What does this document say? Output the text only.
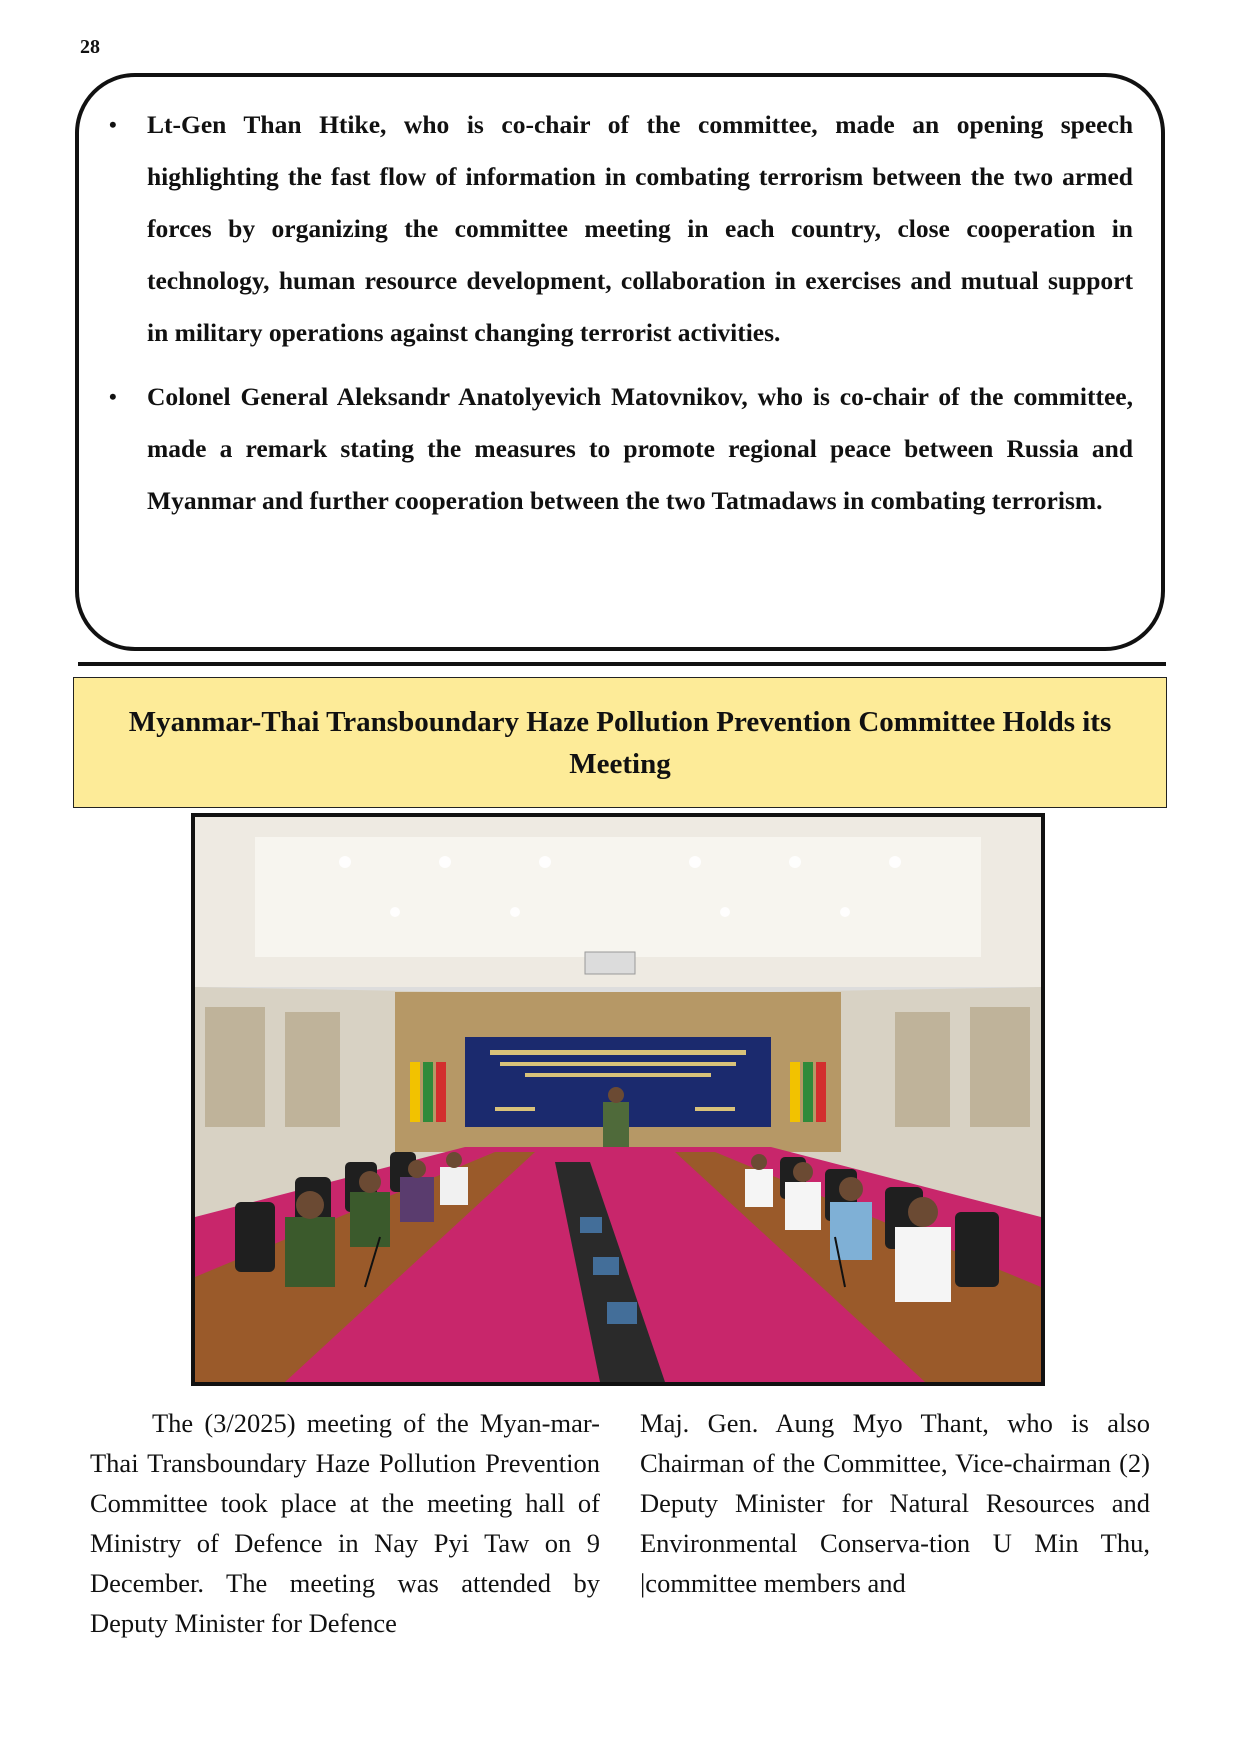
28
• Lt-Gen Than Htike, who is co-chair of the committee, made an opening speech highlighting the fast flow of information in combating terrorism between the two armed forces by organizing the committee meeting in each country, close cooperation in technology, human resource development, collaboration in exercises and mutual support in military operations against changing terrorist activities.
• Colonel General Aleksandr Anatolyevich Matovnikov, who is co-chair of the committee, made a remark stating the measures to promote regional peace between Russia and Myanmar and further cooperation between the two Tatmadaws in combating terrorism.
Myanmar-Thai Transboundary Haze Pollution Prevention Committee Holds its Meeting

The (3/2025) meeting of the Myan-mar-Thai Transboundary Haze Pollution Prevention Committee took place at the meeting hall of Ministry of Defence in Nay Pyi Taw on 9 December. The meeting was attended by Deputy Minister for Defence

Maj. Gen. Aung Myo Thant, who is also Chairman of the Committee, Vice-chairman (2) Deputy Minister for Natural Resources and Environmental Conserva-tion U Min Thu, |committee members and
